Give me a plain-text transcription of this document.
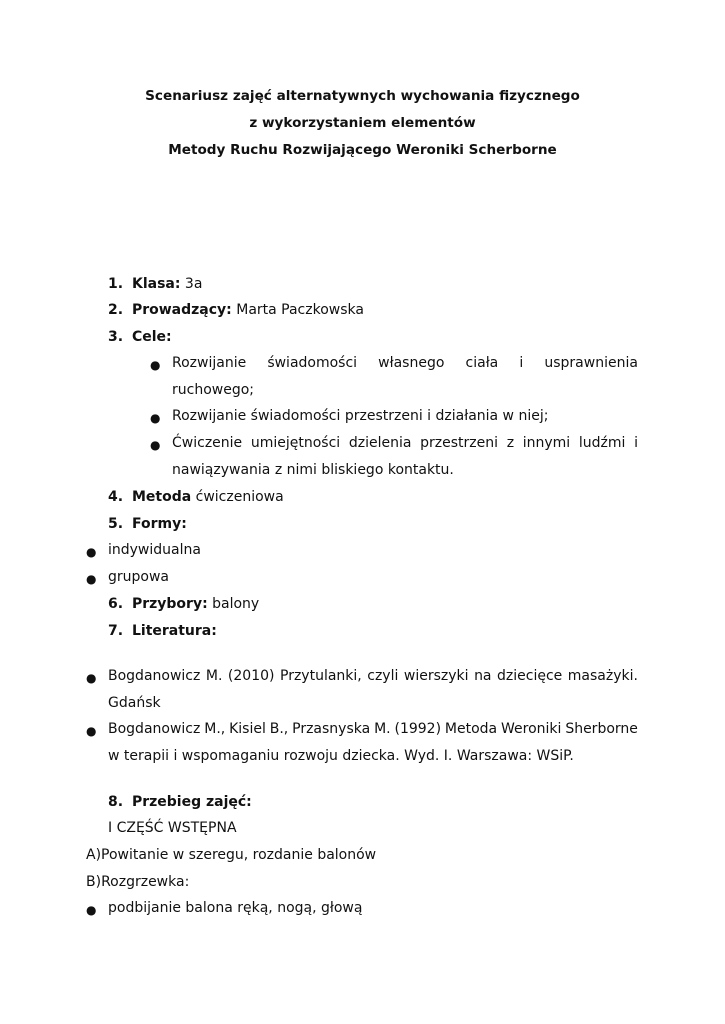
Scenariusz zajęć alternatywnych wychowania fizycznego
z wykorzystaniem elementów
Metody Ruchu Rozwijającego Weroniki Scherborne
1. Klasa: 3a
2. Prowadzący: Marta Paczkowska
3. Cele:
● Rozwijanie świadomości własnego ciała i usprawnienia
ruchowego;
● Rozwijanie świadomości przestrzeni i działania w niej;
● Ćwiczenie umiejętności dzielenia przestrzeni z innymi ludźmi i
nawiązywania z nimi bliskiego kontaktu.
4. Metoda ćwiczeniowa
5. Formy:
● indywidualna
● grupowa
6. Przybory: balony
7. Literatura:
● Bogdanowicz M. (2010) Przytulanki, czyli wierszyki na dziecięce masażyki.
Gdańsk
● Bogdanowicz M., Kisiel B., Przasnyska M. (1992) Metoda Weroniki Sherborne
w terapii i wspomaganiu rozwoju dziecka. Wyd. I. Warszawa: WSiP.
8. Przebieg zajęć:
I CZĘŚĆ WSTĘPNA
A)Powitanie w szeregu, rozdanie balonów
B)Rozgrzewka:
● podbijanie balona ręką, nogą, głową
